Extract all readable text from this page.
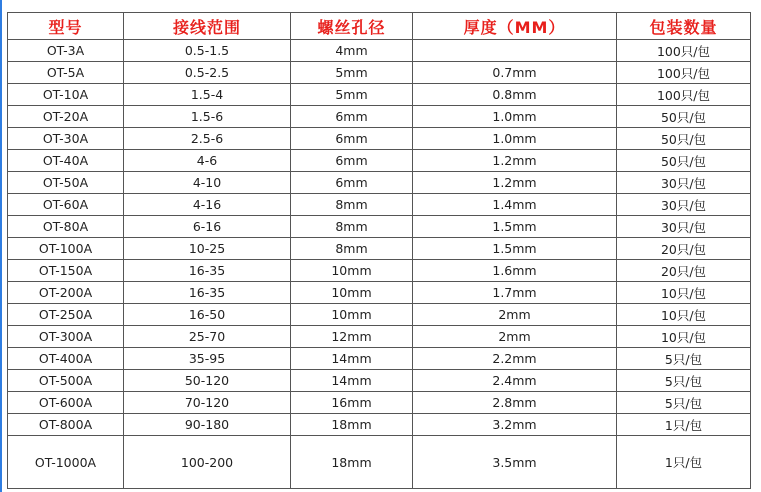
型号	接线范围	螺丝孔径	厚度（MM）	包装数量
OT-3A	0.5-1.5	4mm		100只/包
OT-5A	0.5-2.5	5mm	0.7mm	100只/包
OT-10A	1.5-4	5mm	0.8mm	100只/包
OT-20A	1.5-6	6mm	1.0mm	50只/包
OT-30A	2.5-6	6mm	1.0mm	50只/包
OT-40A	4-6	6mm	1.2mm	50只/包
OT-50A	4-10	6mm	1.2mm	30只/包
OT-60A	4-16	8mm	1.4mm	30只/包
OT-80A	6-16	8mm	1.5mm	30只/包
OT-100A	10-25	8mm	1.5mm	20只/包
OT-150A	16-35	10mm	1.6mm	20只/包
OT-200A	16-35	10mm	1.7mm	10只/包
OT-250A	16-50	10mm	2mm	10只/包
OT-300A	25-70	12mm	2mm	10只/包
OT-400A	35-95	14mm	2.2mm	5只/包
OT-500A	50-120	14mm	2.4mm	5只/包
OT-600A	70-120	16mm	2.8mm	5只/包
OT-800A	90-180	18mm	3.2mm	1只/包
OT-1000A	100-200	18mm	3.5mm	1只/包
